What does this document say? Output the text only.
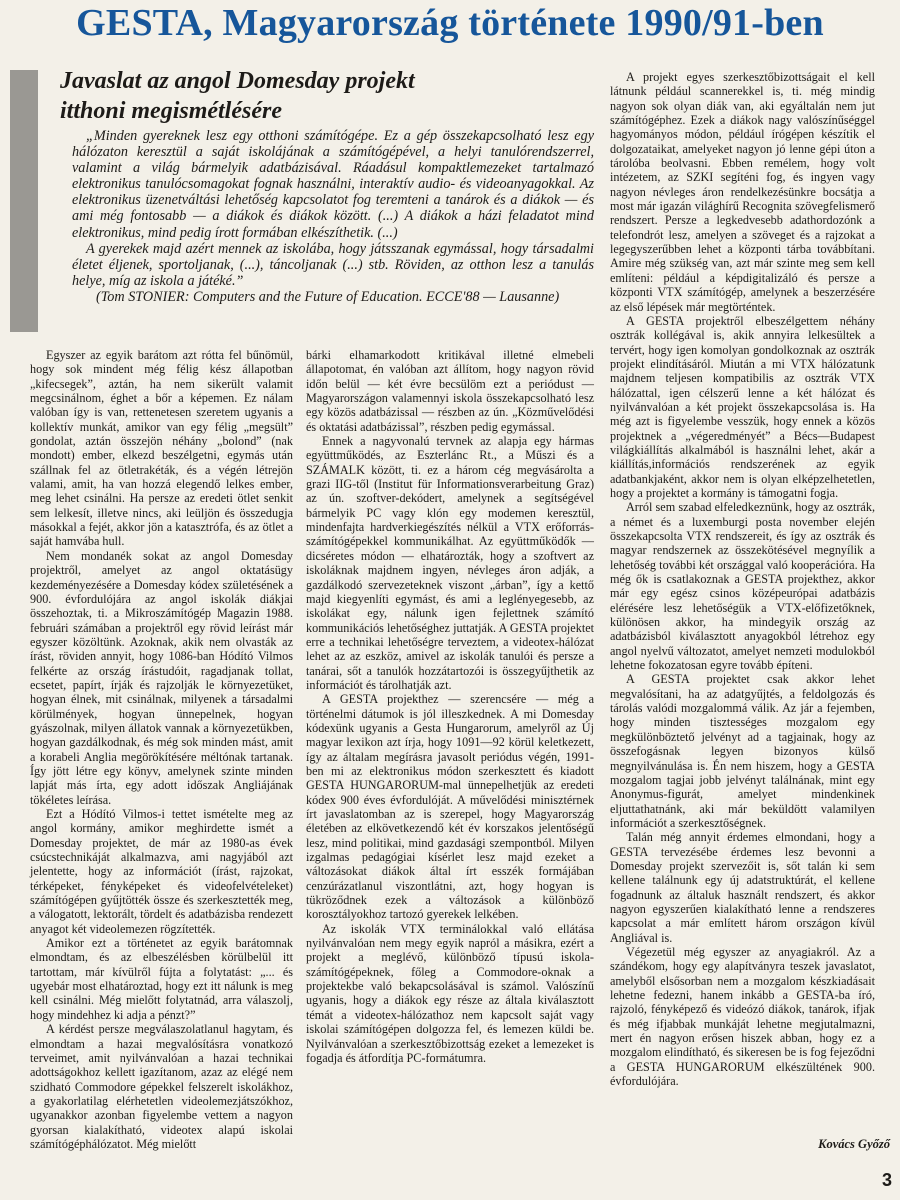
GESTA, Magyarország története 1990/91-ben
Javaslat az angol Domesday projekt
itthoni megismétlésére

„Minden gyereknek lesz egy otthoni számítógépe. Ez a gép összekapcsolható lesz egy hálózaton keresztül a saját iskolájának a számítógépével, a helyi tanulórendszerrel, valamint a világ bármelyik adatbázisával. Ráadásul kompaktlemezeket tartalmazó elektronikus tanulócsomagokat fognak használni, interaktív audio- és videoanyagokkal. Az elektronikus üzenetváltási lehetőség kapcsolatot fog teremteni a tanárok és a diákok — és ami még fontosabb — a diákok és diákok között. (...) A diákok a házi feladatot mind elektronikus, mind pedig írott formában elkészíthetik. (...)

A gyerekek majd azért mennek az iskolába, hogy játsszanak egymással, hogy társadalmi életet éljenek, sportoljanak, (...), táncoljanak (...) stb. Röviden, az otthon lesz a tanulás helye, míg az iskola a játéké.”

(Tom STONIER: Computers and the Future of Education. ECCE'88 — Lausanne)

Egyszer az egyik barátom azt rótta fel bűnömül, hogy sok mindent még félig kész állapotban „kifecsegek”, aztán, ha nem sikerült valamit megcsinálnom, éghet a bőr a képemen. Ez nálam valóban így is van, rettenetesen szeretem ugyanis a kollektív munkát, amikor van egy félig „megsült” gondolat, aztán összejön néhány „bolond” (nak mondott) ember, elkezd beszélgetni, egymás után szállnak fel az ötletrakéták, és a végén létrejön valami, amit, ha van hozzá elegendő lelkes ember, meg lehet csinálni. Ha persze az eredeti ötlet senkit sem lelkesít, illetve nincs, aki leüljön és összedugja másokkal a fejét, akkor jön a katasztrófa, és az ötlet a saját hamvába hull.

Nem mondanék sokat az angol Domesday projektről, amelyet az angol oktatásügy kezdeményezésére a Domesday kódex születésének a 900. évfordulójára az angol iskolák diákjai összehoztak, ti. a Mikroszámítógép Magazin 1988. februári számában a projektről egy rövid leírást már egyszer közöltünk. Azoknak, akik nem olvasták az írást, röviden annyit, hogy 1086-ban Hódító Vilmos felkérte az ország írástudóit, ragadjanak tollat, ecsetet, papírt, írják és rajzolják le környezetüket, hogyan élnek, mit csinálnak, milyenek a társadalmi körülmények, hogyan ünnepelnek, hogyan gyászolnak, milyen állatok vannak a környezetükben, hogyan gazdálkodnak, és még sok minden mást, amit a korabeli Anglia megörökítésére méltónak tartanak. Így jött létre egy könyv, amelynek szinte minden lapját más írta, egy adott időszak Angliájának tökéletes leírása.

Ezt a Hódító Vilmos-i tettet ismételte meg az angol kormány, amikor meghirdette ismét a Domesday projektet, de már az 1980-as évek csúcstechnikáját alkalmazva, ami nagyjából azt jelentette, hogy az információt (írást, rajzokat, térképeket, fényképeket és videofelvételeket) számítógépen gyűjtötték össze és szerkesztették meg, a válogatott, lektorált, tördelt és adatbázisba rendezett anyagot két videolemezen rögzítették.

Amikor ezt a történetet az egyik barátomnak elmondtam, és az elbeszélésben körülbelül itt tartottam, már kívülről fújta a folytatást: „... és ugyebár most elhatároztad, hogy ezt itt nálunk is meg kell csinálni. Még mielőtt folytatnád, arra válaszolj, hogy mindehhez ki adja a pénzt?”

A kérdést persze megválaszolatlanul hagytam, és elmondtam a hazai megvalósításra vonatkozó terveimet, amit nyilvánvalóan a hazai technikai adottságokhoz kellett igazítanom, azaz az elégé nem szidható Commodore gépekkel felszerelt iskolákhoz, a gyakorlatilag elérhetetlen videolemezjátszókhoz, ugyanakkor azonban figyelembe vettem a nagyon gyorsan kialakítható, videotex alapú iskolai számítógéphálózatot. Még mielőtt

bárki elhamarkodott kritikával illetné elmebeli állapotomat, én valóban azt állítom, hogy nagyon rövid időn belül — két évre becsülöm ezt a periódust — Magyarországon valamennyi iskola összekapcsolható lesz egy közös adatbázissal — részben az ún. „Közművelődési és oktatási adatbázissal”, részben pedig egymással.

Ennek a nagyvonalú tervnek az alapja egy hármas együttműködés, az Eszterlánc Rt., a Műszi és a SZÁMALK között, ti. ez a három cég megvásárolta a grazi IIG-től (Institut für Informationsverarbeitung Graz) az ún. szoftver-dekódert, amelynek a segítségével bármelyik PC vagy klón egy modemen keresztül, mindenfajta hardverkiegészítés nélkül a VTX erőforrás-számítógépekkel kommunikálhat. Az együttműködők — dicséretes módon — elhatározták, hogy a szoftvert az iskoláknak majdnem ingyen, névleges áron adják, a gazdálkodó szervezeteknek viszont „árban”, így a kettő majd kiegyenlíti egymást, és ami a leglényegesebb, az iskolákat egy, nálunk igen fejlettnek számító kommunikációs lehetőséghez juttatják. A GESTA projektet erre a technikai lehetőségre terveztem, a videotex-hálózat lehet az az eszköz, amivel az iskolák tanulói és persze a tanárai, sőt a tanulók hozzátartozói is összegyűjthetik az információt és tárolhatják azt.

A GESTA projekthez — szerencsére — még a történelmi dátumok is jól illeszkednek. A mi Domesday kódexünk ugyanis a Gesta Hungarorum, amelyről az Új magyar lexikon azt írja, hogy 1091—92 körül keletkezett, így az általam megírásra javasolt periódus végén, 1991-ben mi az elektronikus módon szerkesztett és kiadott GESTA HUNGARORUM-mal ünnepelhetjük az eredeti kódex 900 éves évfordulóját. A művelődési minisztérnek írt javaslatomban az is szerepel, hogy Magyarország életében az elkövetkezendő két év korszakos jelentőségű lesz, mind politikai, mind gazdasági szempontból. Milyen izgalmas pedagógiai kísérlet lesz majd ezeket a változásokat diákok által írt esszék formájában cenzúrázatlanul viszontlátni, azt, hogy hogyan is tükröződnek ezek a változások a különböző korosztályokhoz tartozó gyerekek lelkében.

Az iskolák VTX terminálokkal való ellátása nyilvánvalóan nem megy egyik napról a másikra, ezért a projekt a meglévő, különböző típusú iskola-számítógépeknek, főleg a Commodore-oknak a projektekbe való bekapcsolásával is számol. Valószínű ugyanis, hogy a diákok egy része az általa kiválasztott témát a videotex-hálózathoz nem kapcsolt saját vagy iskolai számítógépen dolgozza fel, és lemezen küldi be. Nyilvánvalóan a szerkesztőbizottság ezeket a lemezeket is fogadja és átfordítja PC-formátumra.

A projekt egyes szerkesztőbizottságait el kell látnunk például scannerekkel is, ti. még mindig nagyon sok olyan diák van, aki egyáltalán nem jut számítógéphez. Ezek a diákok nagy valószínűséggel hagyományos módon, például írógépen készítik el dolgozataikat, amelyeket nagyon jó lenne gépi úton a tárolóba beolvasni. Ebben remélem, hogy volt intézetem, az SZKI segíténi fog, és ingyen vagy nagyon névleges áron rendelkezésünkre bocsátja a most már igazán világhírű Recognita szövegfelismerő rendszert. Persze a legkedvesebb adathordozónk a telefondrót lesz, amelyen a szöveget és a rajzokat a legegyszerűbben lehet a központi tárba továbbítani. Amire még szükség van, azt már szinte meg sem kell említeni: például a képdigitalizáló és persze a központi VTX számítógép, amelynek a beszerzésére az első lépések már megtörténtek.

A GESTA projektről elbeszélgettem néhány osztrák kollégával is, akik annyira lelkesültek a tervért, hogy igen komolyan gondolkoznak az osztrák projekt elindításáról. Miután a mi VTX hálózatunk majdnem teljesen kompatibilis az osztrák VTX hálózattal, igen célszerű lenne a két hálózat és nyilvánvalóan a két projekt összekapcsolása is. Ha még azt is figyelembe vesszük, hogy ennek a közös projektnek a „végeredményét” a Bécs—Budapest világkiállítás alkalmából is használni lehet, akár a kiállítás,információs rendszerének az egyik adatbankjaként, akkor nem is olyan elképzelhetetlen, hogy a projektet a kormány is támogatni fogja.

Arról sem szabad elfeledkeznünk, hogy az osztrák, a német és a luxemburgi posta november elején összekapcsolta VTX rendszereit, és így az osztrák és magyar rendszernek az összekötésével megnyílik a lehetőség további két országgal való kooperációra. Ha még ők is csatlakoznak a GESTA projekthez, akkor már egy egész csinos középeurópai adatbázis elérésére lesz lehetőségük a VTX-előfizetőknek, különösen akkor, ha mindegyik ország az adatbázisból kiválasztott anyagokból létrehoz egy angol nyelvű változatot, amelyet nemzeti modulokból lehetne fokozatosan egyre tovább építeni.

A GESTA projektet csak akkor lehet megvalósítani, ha az adatgyűjtés, a feldolgozás és tárolás valódi mozgalommá válik. Az jár a fejemben, hogy minden tisztességes mozgalom egy megkülönböztető jelvényt ad a tagjainak, hogy az összefogásnak legyen bizonyos külső megnyilvánulása is. Én nem hiszem, hogy a GESTA mozgalom tagjai jobb jelvényt találnának, mint egy Anonymus-figurát, amelyet mindenkinek eljuttathatnánk, aki már beküldött valamilyen információt a szerkesztőségnek.

Talán még annyit érdemes elmondani, hogy a GESTA tervezésébe érdemes lesz bevonni a Domesday projekt szervezőit is, sőt talán ki sem kellene találnunk egy új adatstruktúrát, el kellene fogadnunk az általuk használt rendszert, és akkor nagyon egyszerűen kialakítható lenne a rendszeres kapcsolat a már említett három országon kívül Angliával is.

Végezetül még egyszer az anyagiakról. Az a szándékom, hogy egy alapítványra teszek javaslatot, amelyből elsősorban nem a mozgalom készkiadásait lehetne fedezni, hanem inkább a GESTA-ba író, rajzoló, fényképező és videózó diákok, tanárok, ifjak és még ifjabbak munkáját lehetne megjutalmazni, mert én nagyon erősen hiszek abban, hogy ez a mozgalom elindítható, és sikeresen be is fog fejeződni a GESTA HUNGARORUM elkészültének 900. évfordulójára.

Kovács Győző
3
